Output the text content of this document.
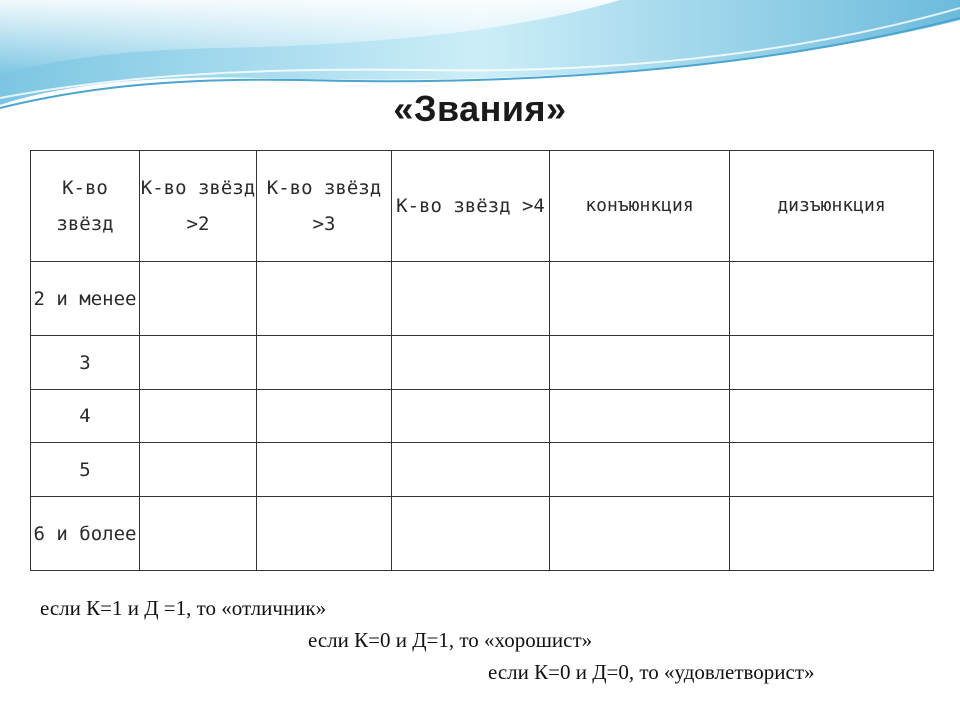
«Звания»
К-во звёзд	К-во звёзд >2	К-во звёзд >3	К-во звёзд >4	конъюнкция	дизъюнкция
2 и менее					
3					
4					
5					
6 и более					
если К=1 и Д =1, то «отличник»
если К=0 и Д=1, то «хорошист»
если К=0 и Д=0, то «удовлетворист»
